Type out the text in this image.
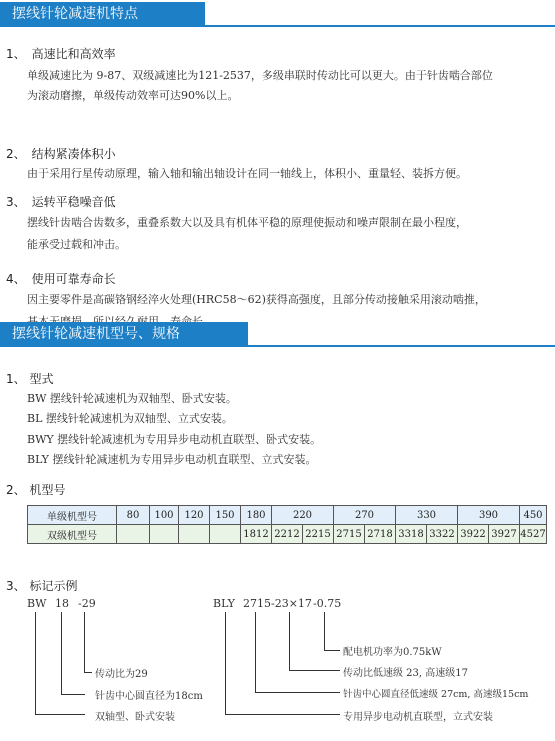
摆线针轮减速机特点
1、 高速比和高效率
单级减速比为 9-87、双级减速比为121-2537，多级串联时传动比可以更大。由于针齿啮合部位
为滚动磨擦，单级传动效率可达90%以上。
2、 结构紧凑体积小
由于采用行星传动原理，输入轴和输出轴设计在同一轴线上，体积小、重量轻、装拆方便。
3、 运转平稳噪音低
摆线针齿啮合齿数多，重叠系数大以及具有机体平稳的原理使振动和噪声限制在最小程度，
能承受过载和冲击。
4、 使用可靠寿命长
因主要零件是高碳铬钢经淬火处理(HRC58～62)获得高强度，且部分传动接触采用滚动啮推，
摆线针轮减速机型号、规格
1、 型式
BW 摆线针轮减速机为双轴型、卧式安装。
BL 摆线针轮减速机为双轴型、立式安装。
BWY 摆线针轮减速机为专用异步电动机直联型、卧式安装。
BLY 摆线针轮减速机为专用异步电动机直联型、立式安装。
2、 机型号
单级机型号	80	100	120	150	180	220		270		330		390		450
双级机型号					1812	2212	2215	2715	2718	3318	3322	3922	3927	4527
3、 标记示例
BW 18 -29
传动比为29
针齿中心圆直径为18cm
双轴型、卧式安装
BLY 2715 -23×17 -0.75
配电机功率为0.75kW
传动比低速级 23, 高速级17
针齿中心圆直径低速级 27cm, 高速级15cm
专用异步电动机直联型，立式安装
